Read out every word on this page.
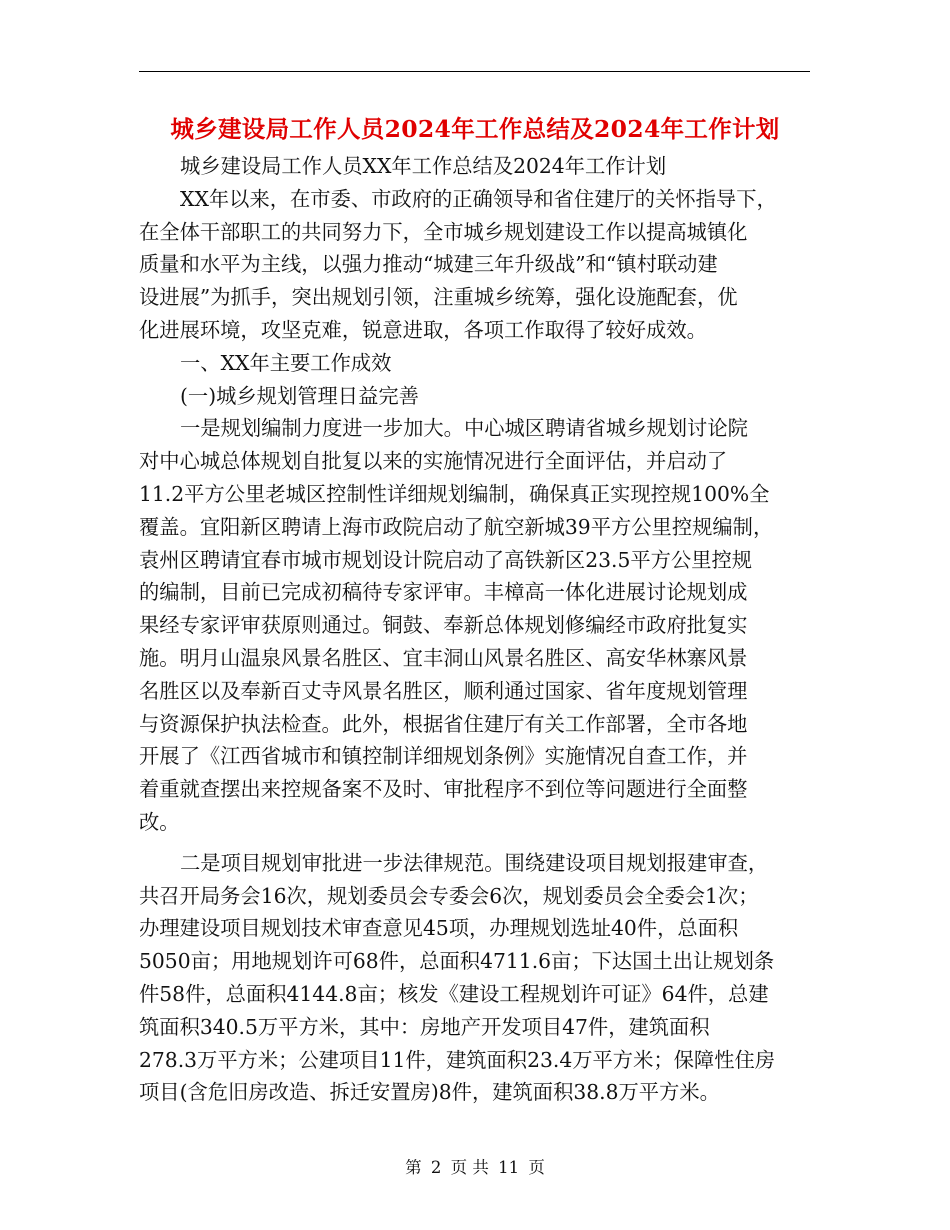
城乡建设局工作人员2024年工作总结及2024年工作计划
城乡建设局工作人员XX年工作总结及2024年工作计划
XX年以来，在市委、市政府的正确领导和省住建厅的关怀指导下，
在全体干部职工的共同努力下，全市城乡规划建设工作以提高城镇化
质量和水平为主线，以强力推动“城建三年升级战”和“镇村联动建
设进展”为抓手，突出规划引领，注重城乡统筹，强化设施配套，优
化进展环境，攻坚克难，锐意进取，各项工作取得了较好成效。
一、XX年主要工作成效
(一)城乡规划管理日益完善
一是规划编制力度进一步加大。中心城区聘请省城乡规划讨论院
对中心城总体规划自批复以来的实施情况进行全面评估，并启动了
11.2平方公里老城区控制性详细规划编制，确保真正实现控规100%全
覆盖。宜阳新区聘请上海市政院启动了航空新城39平方公里控规编制，
袁州区聘请宜春市城市规划设计院启动了高铁新区23.5平方公里控规
的编制，目前已完成初稿待专家评审。丰樟高一体化进展讨论规划成
果经专家评审获原则通过。铜鼓、奉新总体规划修编经市政府批复实
施。明月山温泉风景名胜区、宜丰洞山风景名胜区、高安华林寨风景
名胜区以及奉新百丈寺风景名胜区，顺利通过国家、省年度规划管理
与资源保护执法检查。此外，根据省住建厅有关工作部署，全市各地
开展了《江西省城市和镇控制详细规划条例》实施情况自查工作，并
着重就查摆出来控规备案不及时、审批程序不到位等问题进行全面整
改。
二是项目规划审批进一步法律规范。围绕建设项目规划报建审查，
共召开局务会16次，规划委员会专委会6次，规划委员会全委会1次；
办理建设项目规划技术审查意见45项，办理规划选址40件，总面积
5050亩；用地规划许可68件，总面积4711.6亩；下达国土出让规划条
件58件，总面积4144.8亩；核发《建设工程规划许可证》64件，总建
筑面积340.5万平方米，其中：房地产开发项目47件，建筑面积
278.3万平方米；公建项目11件，建筑面积23.4万平方米；保障性住房
项目(含危旧房改造、拆迁安置房)8件，建筑面积38.8万平方米。
第 2 页 共 11 页
